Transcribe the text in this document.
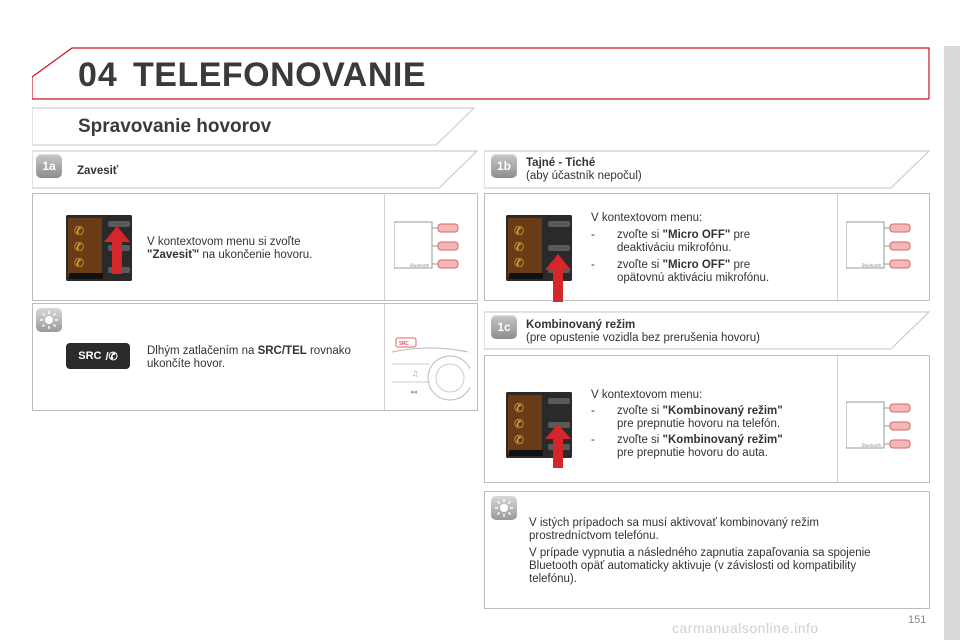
04 TELEFONOVANIE
Spravovanie hovorov
1a	Zavesiť
✆
✆
✆
V kontextovom menu si zvoľte
"Zavesiť" na ukončenie hovoru.
Bluetooth
SRC /✆	Dlhým zatlačením na SRC/TEL rovnako
ukončíte hovor.
SRC
♫
◂◂
1b	Tajné - Tiché
(aby účastník nepočul)
✆
✆
✆
V kontextovom menu:
- zvoľte si "Micro OFF" pre
deaktiváciu mikrofónu.
- zvoľte si "Micro OFF" pre
opätovnú aktiváciu mikrofónu.
Bluetooth
1c	Kombinovaný režim
(pre opustenie vozidla bez prerušenia hovoru)
✆
✆
✆
V kontextovom menu:
- zvoľte si "Kombinovaný režim"
pre prepnutie hovoru na telefón.
- zvoľte si "Kombinovaný režim"
pre prepnutie hovoru do auta.
Bluetooth
V istých prípadoch sa musí aktivovať kombinovaný režim
prostredníctvom telefónu.
V prípade vypnutia a následného zapnutia zapaľovania sa spojenie
Bluetooth opäť automaticky aktivuje (v závislosti od kompatibility
telefónu).
151
carmanualsonline.info
